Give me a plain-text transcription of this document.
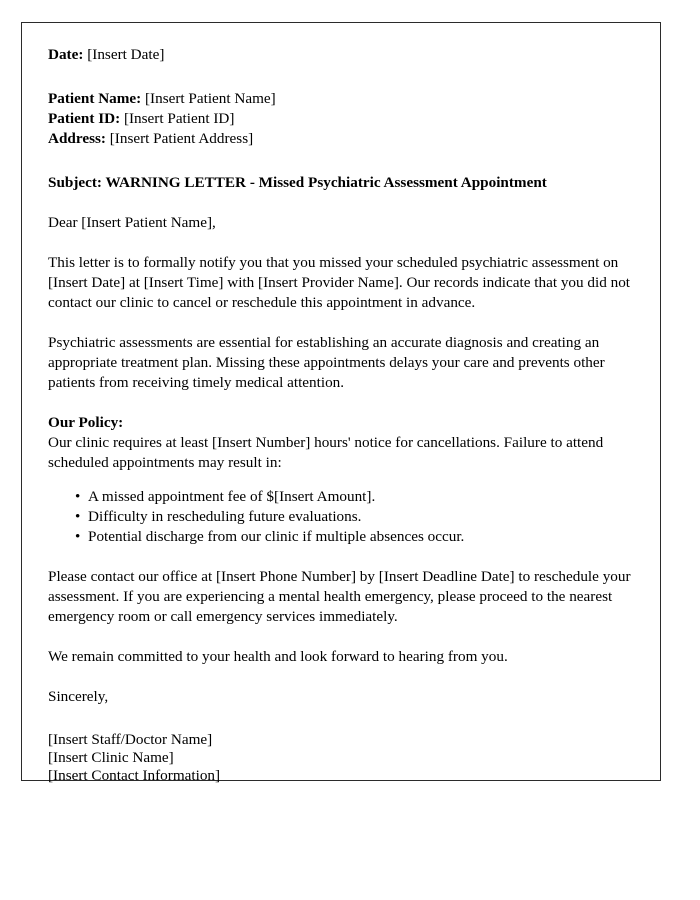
Date: [Insert Date]
Patient Name: [Insert Patient Name]
Patient ID: [Insert Patient ID]
Address: [Insert Patient Address]
Subject: WARNING LETTER - Missed Psychiatric Assessment Appointment
Dear [Insert Patient Name],
This letter is to formally notify you that you missed your scheduled psychiatric assessment on [Insert Date] at [Insert Time] with [Insert Provider Name]. Our records indicate that you did not contact our clinic to cancel or reschedule this appointment in advance.
Psychiatric assessments are essential for establishing an accurate diagnosis and creating an appropriate treatment plan. Missing these appointments delays your care and prevents other patients from receiving timely medical attention.
Our Policy:
Our clinic requires at least [Insert Number] hours' notice for cancellations. Failure to attend scheduled appointments may result in:
• A missed appointment fee of $[Insert Amount].
• Difficulty in rescheduling future evaluations.
• Potential discharge from our clinic if multiple absences occur.
Please contact our office at [Insert Phone Number] by [Insert Deadline Date] to reschedule your assessment. If you are experiencing a mental health emergency, please proceed to the nearest emergency room or call emergency services immediately.
We remain committed to your health and look forward to hearing from you.
Sincerely,
[Insert Staff/Doctor Name]
[Insert Clinic Name]
[Insert Contact Information]
